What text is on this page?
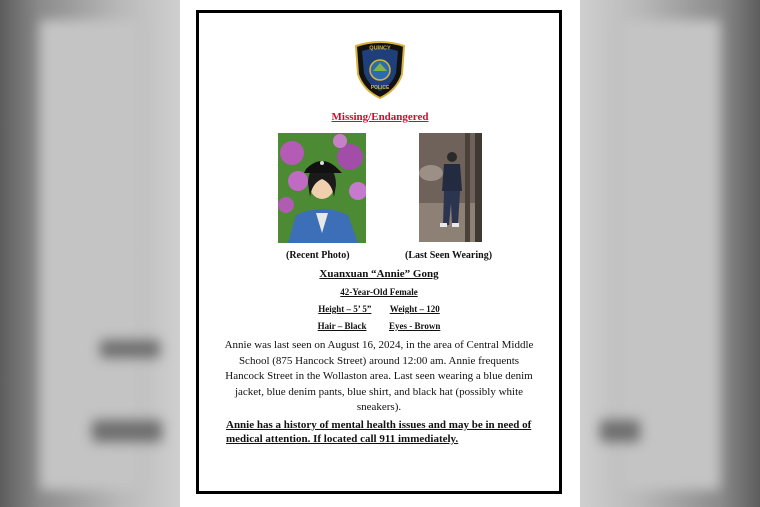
QUINCY
POLICE
Missing/Endangered
(Recent Photo)	(Last Seen Wearing)
Xuanxuan “Annie” Gong
42-Year-Old Female
Height – 5’ 5” Weight – 120
Hair – Black	Eyes - Brown
Annie was last seen on August 16, 2024, in the area of Central Middle School (875 Hancock Street) around 12:00 am. Annie frequents Hancock Street in the Wollaston area. Last seen wearing a blue denim jacket, blue denim pants, blue shirt, and black hat (possibly white sneakers).
Annie has a history of mental health issues and may be in need of medical attention. If located call 911 immediately.
